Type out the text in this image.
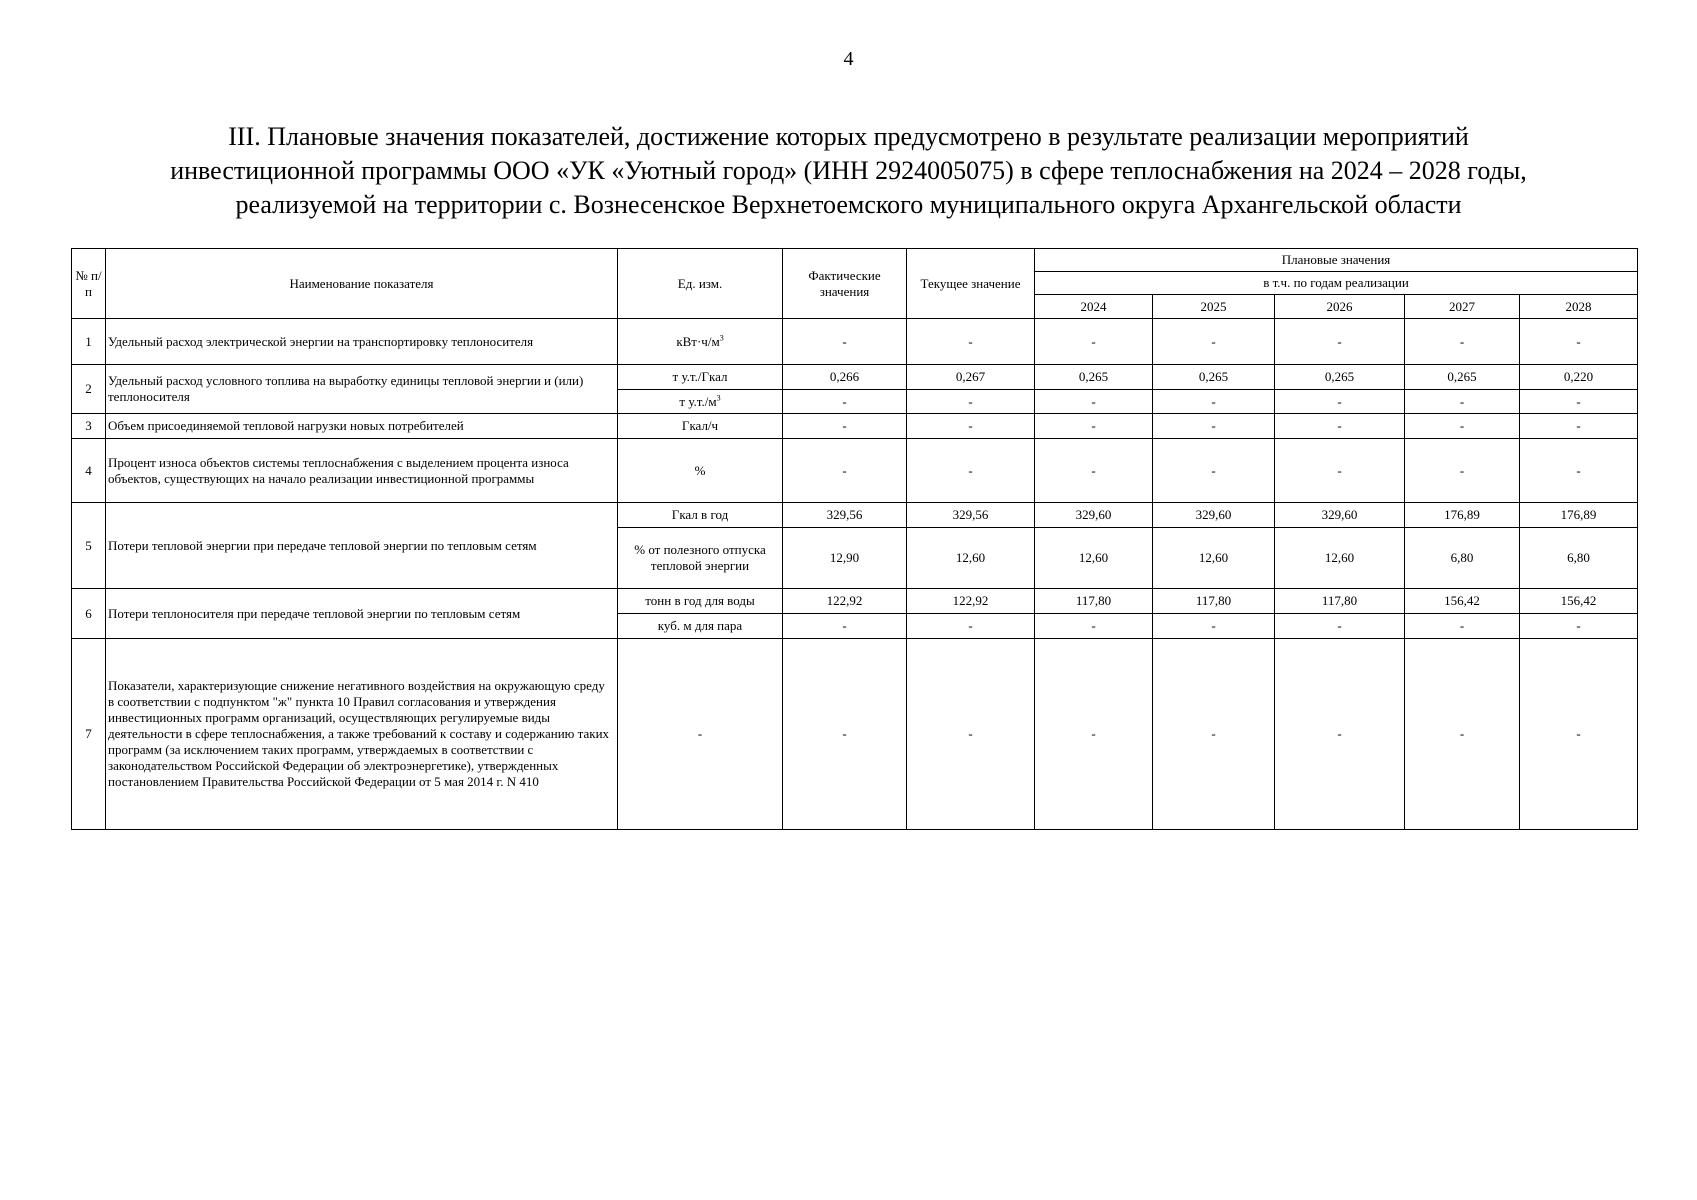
4
III. Плановые значения показателей, достижение которых предусмотрено в результате реализации мероприятий
инвестиционной программы ООО «УК «Уютный город» (ИНН 2924005075) в сфере теплоснабжения на 2024 – 2028 годы,
реализуемой на территории с. Вознесенское Верхнетоемского муниципального округа Архангельской области
№ п/п	Наименование показателя	Ед. изм.	Фактические значения	Текущее значение	Плановые значения				
					в т.ч. по годам реализации				
					2024	2025	2026	2027	2028
1	Удельный расход электрической энергии на транспортировку теплоносителя	$кВт\cdot ч/м^3$	-	-	-	-	-	-	-
2	Удельный расход условного топлива на выработку единицы тепловой энергии и (или) теплоносителя	т у.т./Гкал	0,266	0,267	0,265	0,265	0,265	0,265	0,220
		т $у.т./м^3$	-	-	-	-	-	-	-
3	Объем присоединяемой тепловой нагрузки новых потребителей	Гкал/ч	-	-	-	-	-	-	-
4	Процент износа объектов системы теплоснабжения с выделением процента износа объектов, существующих на начало реализации инвестиционной программы	%	-	-	-	-	-	-	-
5	Потери тепловой энергии при передаче тепловой энергии по тепловым сетям	Гкал в год	329,56	329,56	329,60	329,60	329,60	176,89	176,89
		% от полезного отпуска тепловой энергии	12,90	12,60	12,60	12,60	12,60	6,80	6,80
6	Потери теплоносителя при передаче тепловой энергии по тепловым сетям	тонн в год для воды	122,92	122,92	117,80	117,80	117,80	156,42	156,42
		куб. м для пара	-	-	-	-	-	-	-
7	Показатели, характеризующие снижение негативного воздействия на окружающую среду в соответствии с подпунктом "ж" пункта 10 Правил согласования и утверждения инвестиционных программ организаций, осуществляющих регулируемые виды деятельности в сфере теплоснабжения, а также требований к составу и содержанию таких программ (за исключением таких программ, утверждаемых в соответствии с законодательством Российской Федерации об электроэнергетике), утвержденных постановлением Правительства Российской Федерации от 5 мая 2014 г. N 410	-	-	-	-	-	-	-	-
